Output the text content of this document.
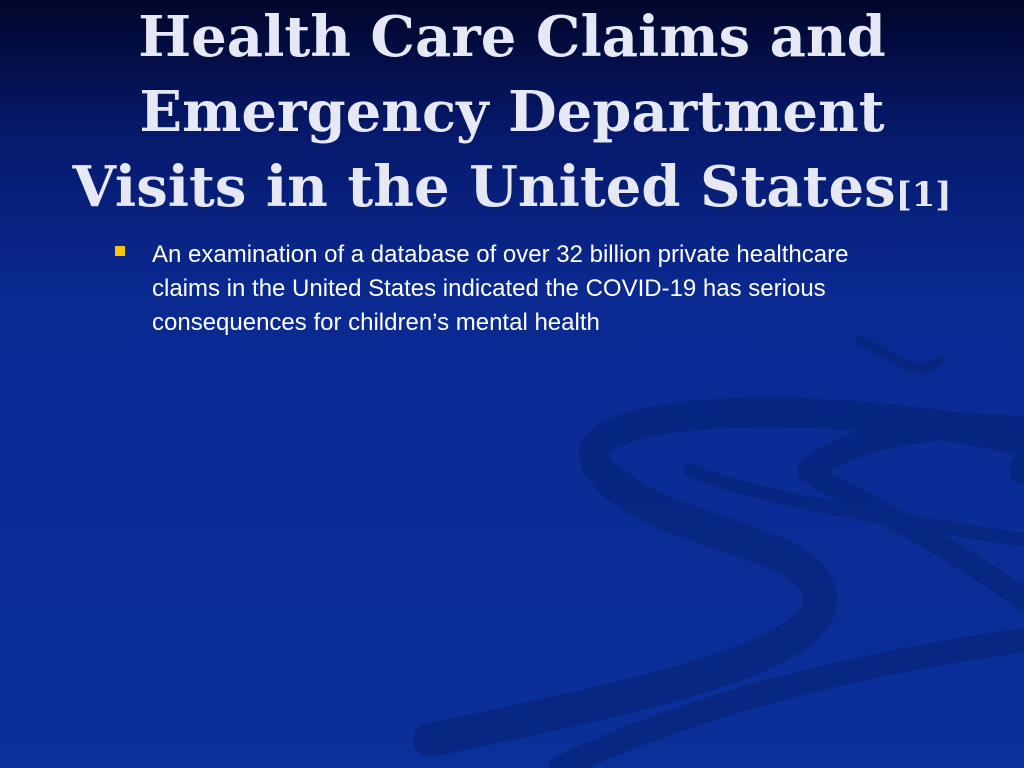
Health Care Claims and
Emergency Department
Visits in the United States[1]
An examination of a database of over 32 billion private healthcare claims in the United States indicated the COVID-19 has serious consequences for children’s mental health
